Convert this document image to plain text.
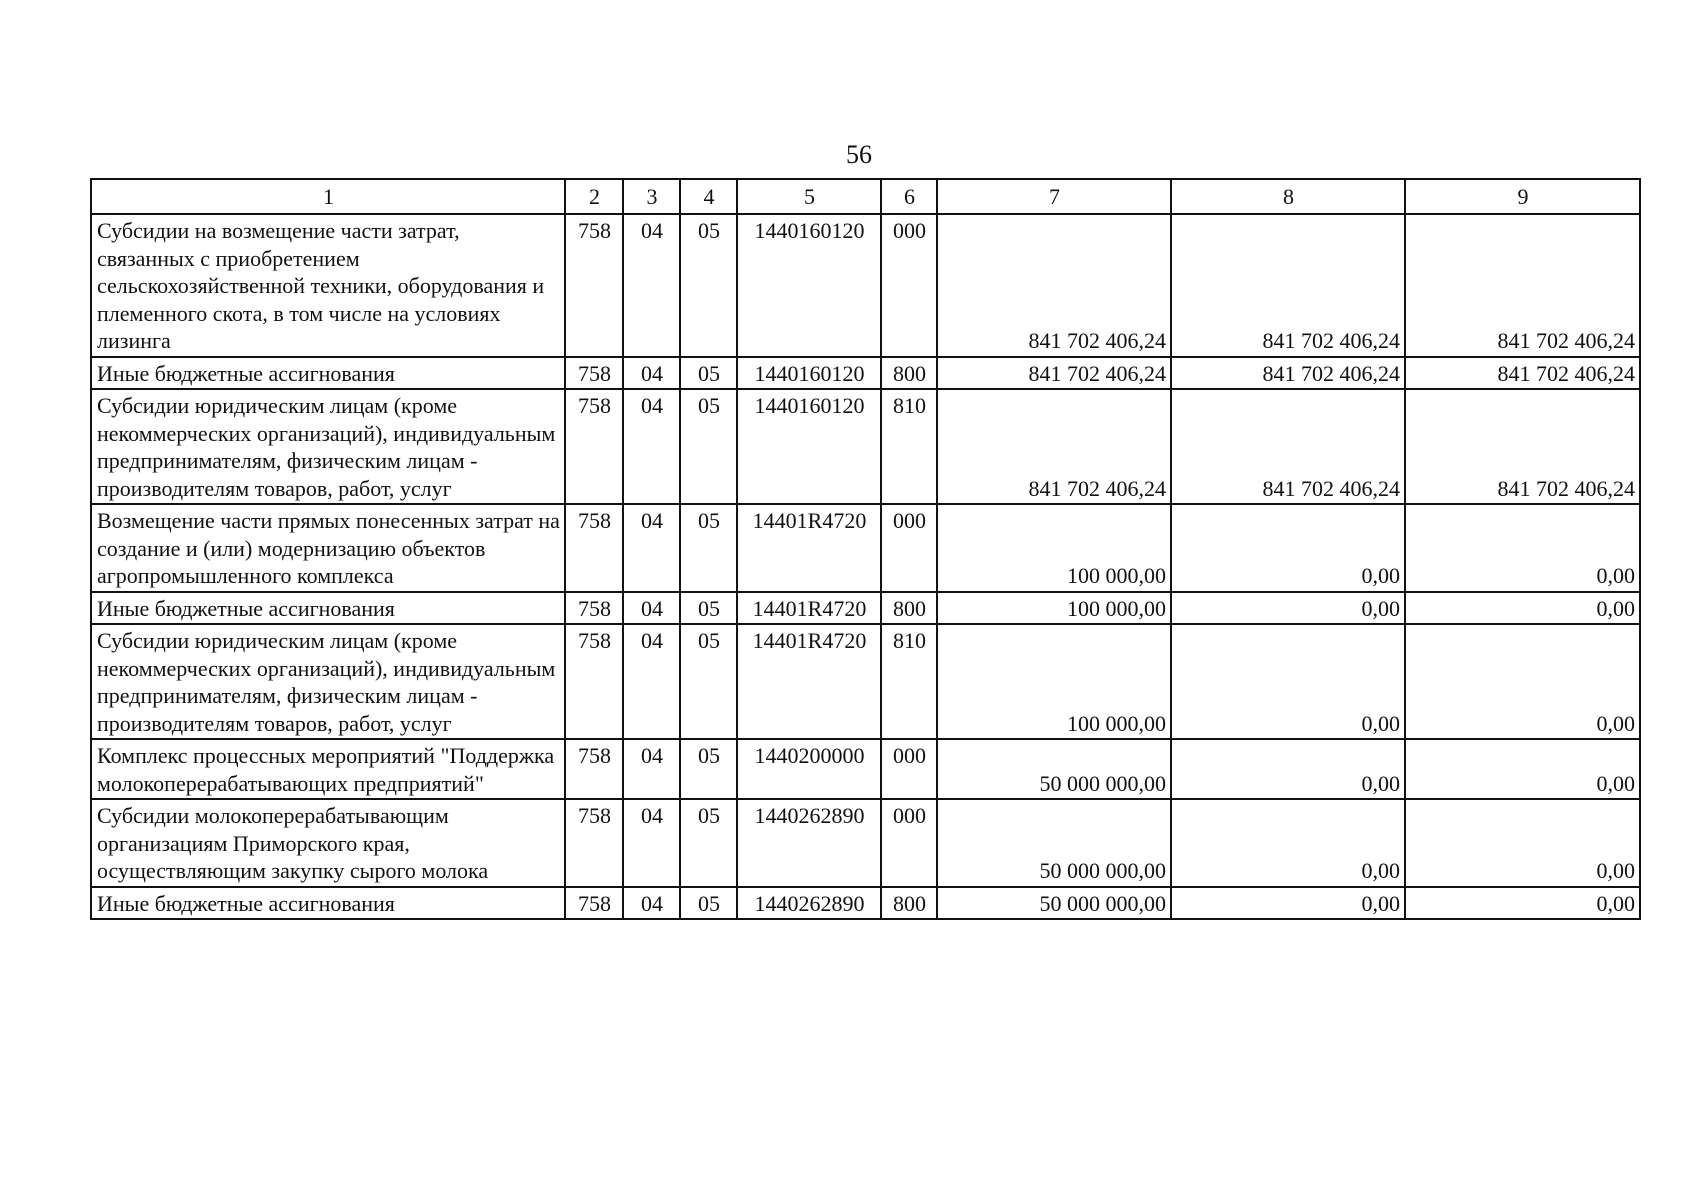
56
1	2	3	4	5	6	7	8	9
Субсидии на возмещение части затрат, связанных с приобретением сельскохозяйственной техники, оборудования и племенного скота, в том числе на условиях лизинга	758	04	05	1440160120	000	841 702 406,24	841 702 406,24	841 702 406,24
Иные бюджетные ассигнования	758	04	05	1440160120	800	841 702 406,24	841 702 406,24	841 702 406,24
Субсидии юридическим лицам (кроме некоммерческих организаций), индивидуальным предпринимателям, физическим лицам - производителям товаров, работ, услуг	758	04	05	1440160120	810	841 702 406,24	841 702 406,24	841 702 406,24
Возмещение части прямых понесенных затрат на создание и (или) модернизацию объектов агропромышленного комплекса	758	04	05	14401R4720	000	100 000,00	0,00	0,00
Иные бюджетные ассигнования	758	04	05	14401R4720	800	100 000,00	0,00	0,00
Субсидии юридическим лицам (кроме некоммерческих организаций), индивидуальным предпринимателям, физическим лицам - производителям товаров, работ, услуг	758	04	05	14401R4720	810	100 000,00	0,00	0,00
Комплекс процессных мероприятий "Поддержка молокоперерабатывающих предприятий"	758	04	05	1440200000	000	50 000 000,00	0,00	0,00
Субсидии молокоперерабатывающим организациям Приморского края, осуществляющим закупку сырого молока	758	04	05	1440262890	000	50 000 000,00	0,00	0,00
Иные бюджетные ассигнования	758	04	05	1440262890	800	50 000 000,00	0,00	0,00
